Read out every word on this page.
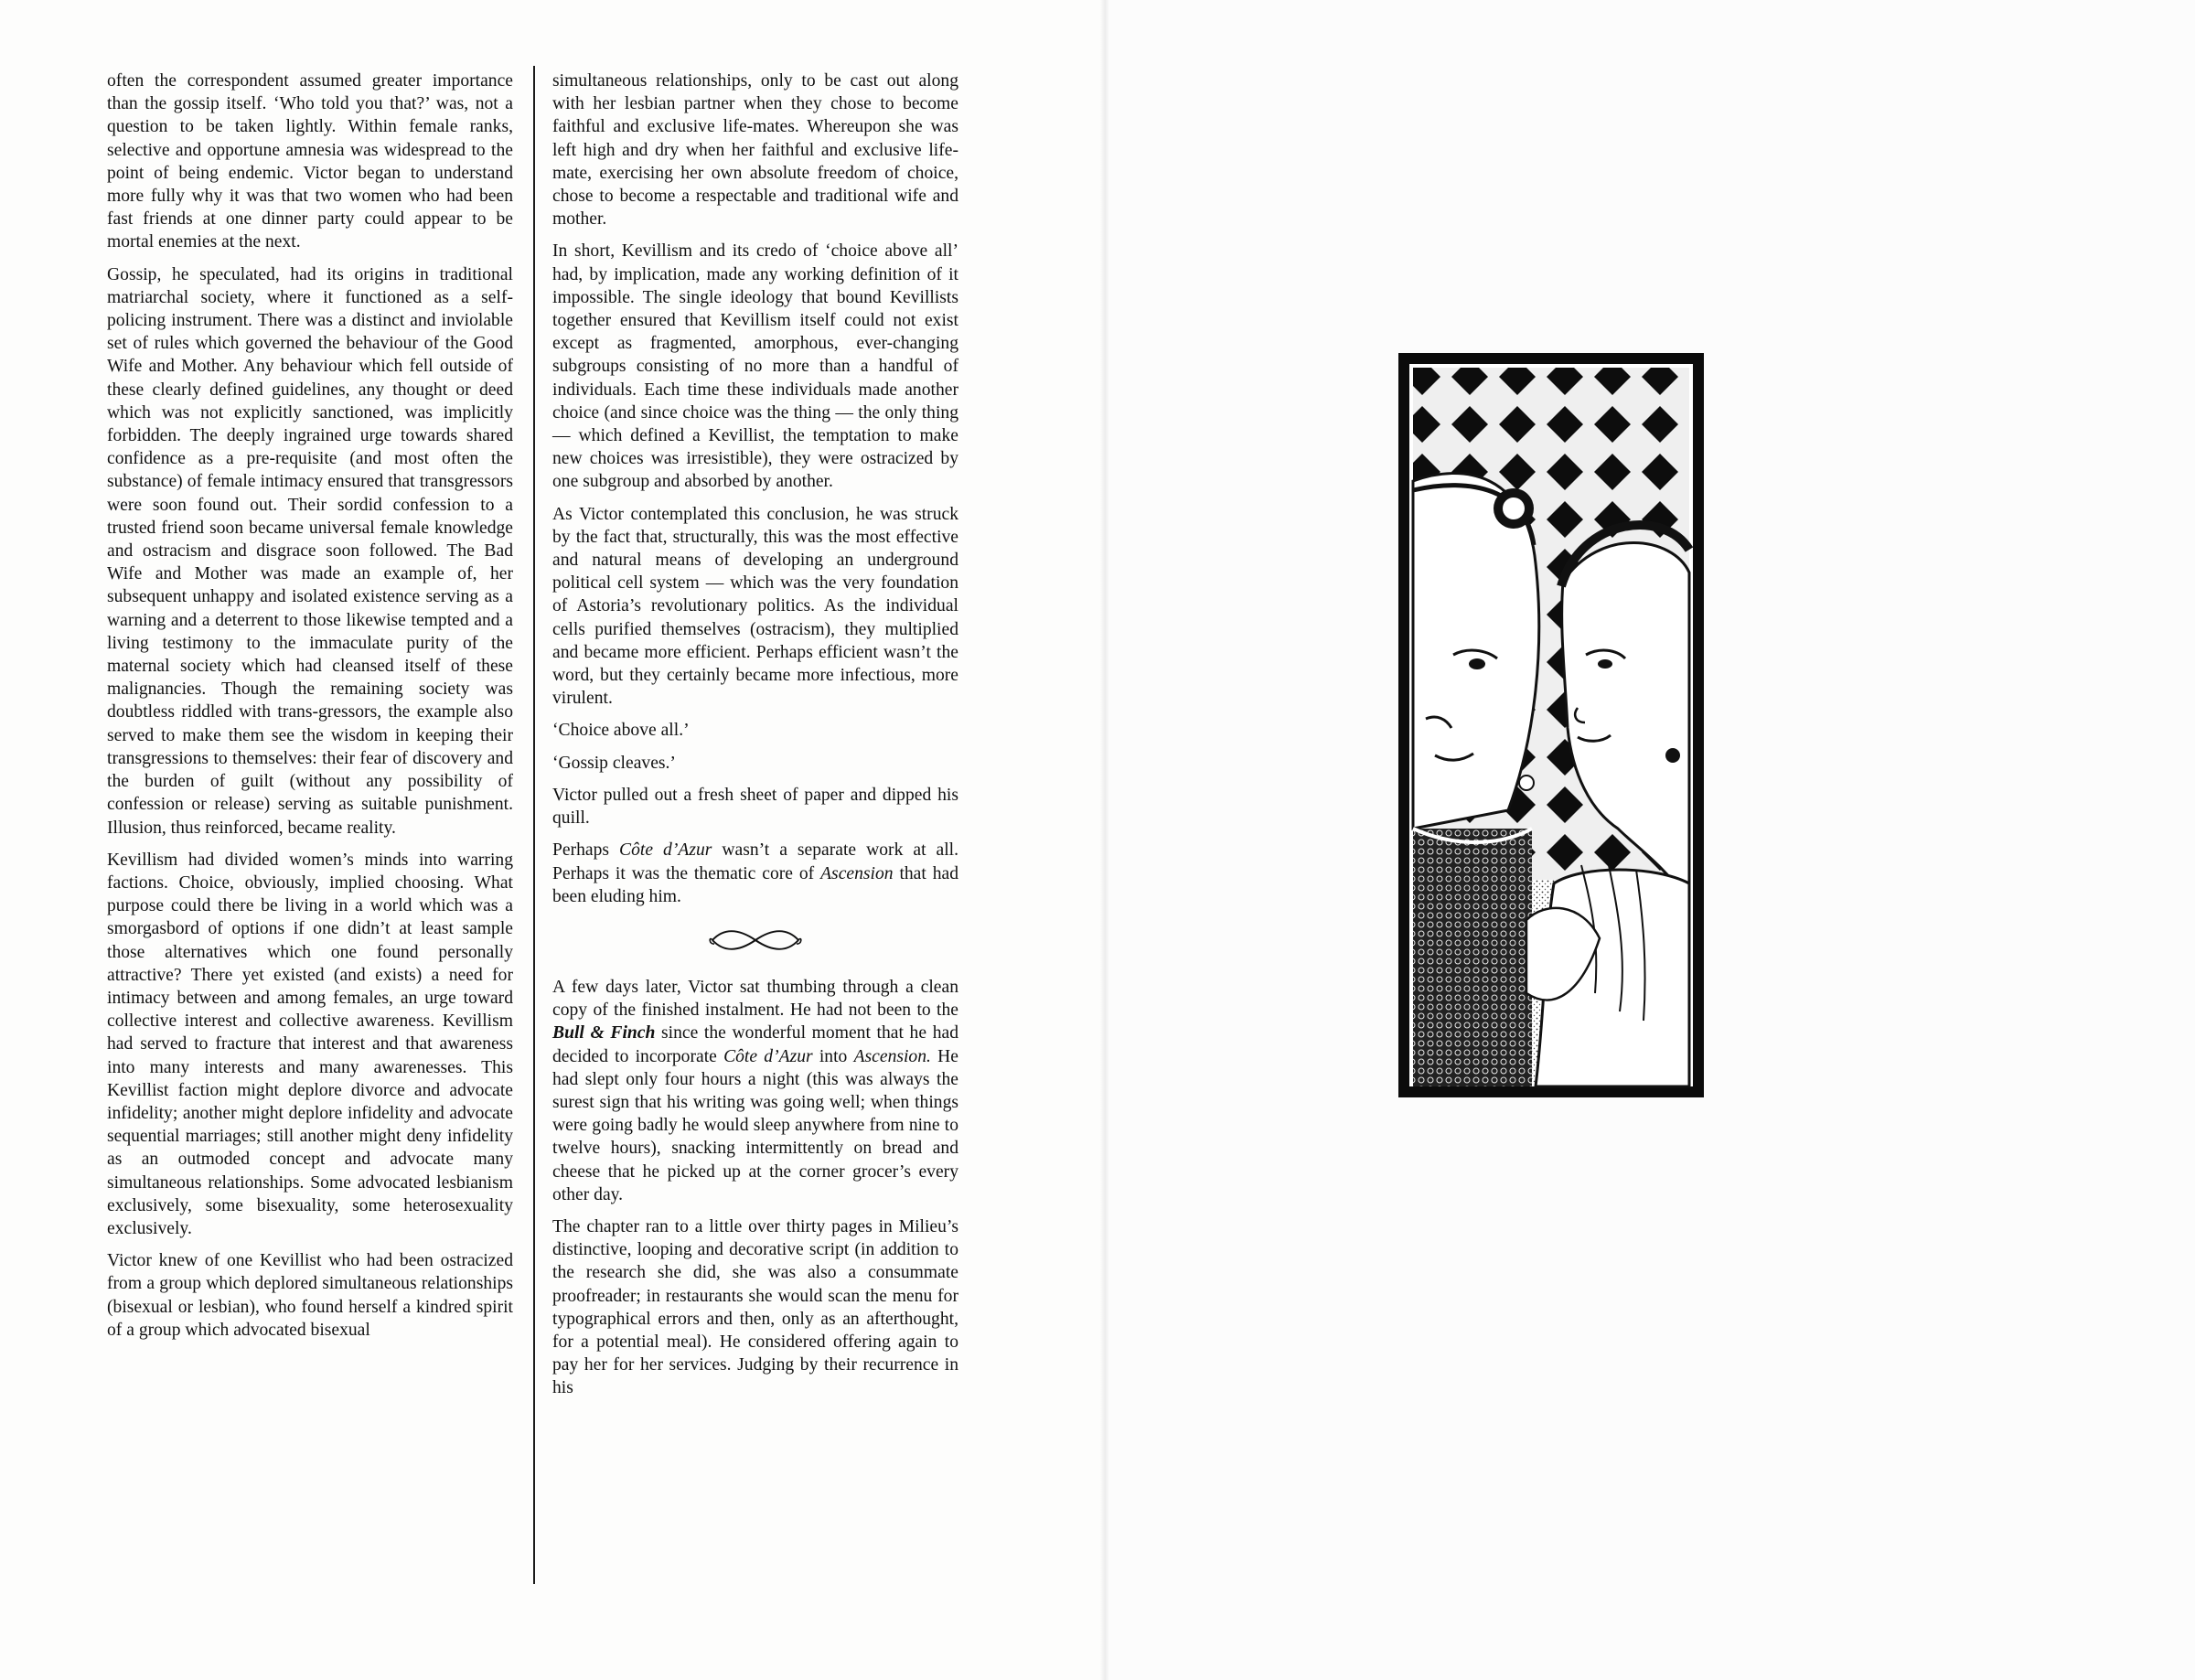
often the correspondent assumed greater importance than the gossip itself. ‘Who told you that?’ was, not a question to be taken lightly. Within female ranks, selective and opportune amnesia was widespread to the point of being endemic. Victor began to understand more fully why it was that two women who had been fast friends at one dinner party could appear to be mortal enemies at the next.

Gossip, he speculated, had its origins in traditional matriarchal society, where it functioned as a self-policing instrument. There was a distinct and inviolable set of rules which governed the behaviour of the Good Wife and Mother. Any behaviour which fell outside of these clearly defined guidelines, any thought or deed which was not explicitly sanctioned, was implicitly forbidden. The deeply ingrained urge towards shared confidence as a pre-requisite (and most often the substance) of female intimacy ensured that transgressors were soon found out. Their sordid confession to a trusted friend soon became universal female knowledge and ostracism and disgrace soon followed. The Bad Wife and Mother was made an example of, her subsequent unhappy and isolated existence serving as a warning and a deterrent to those likewise tempted and a living testimony to the immaculate purity of the maternal society which had cleansed itself of these malignancies. Though the remaining society was doubtless riddled with trans-gressors, the example also served to make them see the wisdom in keeping their transgressions to themselves: their fear of discovery and the burden of guilt (without any possibility of confession or release) serving as suitable punishment. Illusion, thus reinforced, became reality.

Kevillism had divided women’s minds into warring factions. Choice, obviously, implied choosing. What purpose could there be living in a world which was a smorgasbord of options if one didn’t at least sample those alternatives which one found personally attractive? There yet existed (and exists) a need for intimacy between and among females, an urge toward collective interest and collective awareness. Kevillism had served to fracture that interest and that awareness into many interests and many awarenesses. This Kevillist faction might deplore divorce and advocate infidelity; another might deplore infidelity and advocate sequential marriages; still another might deny infidelity as an outmoded concept and advocate many simultaneous relationships. Some advocated lesbianism exclusively, some bisexuality, some heterosexuality exclusively.

Victor knew of one Kevillist who had been ostracized from a group which deplored simultaneous relationships (bisexual or lesbian), who found herself a kindred spirit of a group which advocated bisexual

simultaneous relationships, only to be cast out along with her lesbian partner when they chose to become faithful and exclusive life-mates. Whereupon she was left high and dry when her faithful and exclusive life-mate, exercising her own absolute freedom of choice, chose to become a respectable and traditional wife and mother.

In short, Kevillism and its credo of ‘choice above all’ had, by implication, made any working definition of it impossible. The single ideology that bound Kevillists together ensured that Kevillism itself could not exist except as fragmented, amorphous, ever-changing subgroups consisting of no more than a handful of individuals. Each time these individuals made another choice (and since choice was the thing — the only thing — which defined a Kevillist, the temptation to make new choices was irresistible), they were ostracized by one subgroup and absorbed by another.

As Victor contemplated this conclusion, he was struck by the fact that, structurally, this was the most effective and natural means of developing an underground political cell system — which was the very foundation of Astoria’s revolutionary politics. As the individual cells purified themselves (ostracism), they multiplied and became more efficient. Perhaps efficient wasn’t the word, but they certainly became more infectious, more virulent.

‘Choice above all.’

‘Gossip cleaves.’

Victor pulled out a fresh sheet of paper and dipped his quill.

Perhaps Côte d’Azur wasn’t a separate work at all. Perhaps it was the thematic core of Ascension that had been eluding him.

A few days later, Victor sat thumbing through a clean copy of the finished instalment. He had not been to the Bull & Finch since the wonderful moment that he had decided to incorporate Côte d’Azur into Ascension. He had slept only four hours a night (this was always the surest sign that his writing was going well; when things were going badly he would sleep anywhere from nine to twelve hours), snacking intermittently on bread and cheese that he picked up at the corner grocer’s every other day.

The chapter ran to a little over thirty pages in Milieu’s distinctive, looping and decorative script (in addition to the research she did, she was also a consummate proofreader; in restaurants she would scan the menu for typographical errors and then, only as an afterthought, for a potential meal). He considered offering again to pay her for her services. Judging by their recurrence in his
